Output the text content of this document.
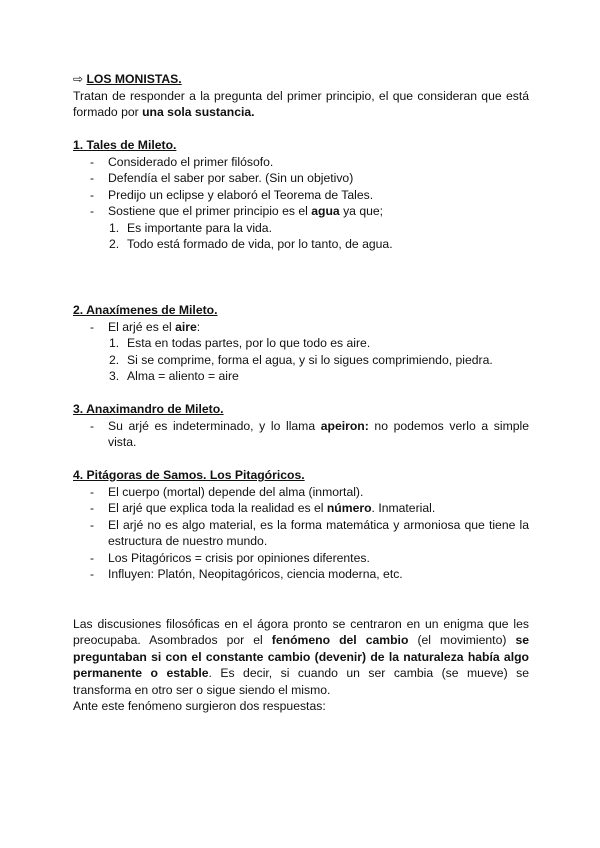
⇨ LOS MONISTAS.

Tratan de responder a la pregunta del primer principio, el que consideran que está formado por una sola sustancia.

1. Tales de Mileto.

- Considerado el primer filósofo.
- Defendía el saber por saber. (Sin un objetivo)
- Predijo un eclipse y elaboró el Teorema de Tales.
- Sostiene que el primer principio es el agua ya que;
1. Es importante para la vida.
2. Todo está formado de vida, por lo tanto, de agua.

2. Anaxímenes de Mileto.

- El arjé es el aire:
1. Esta en todas partes, por lo que todo es aire.
2. Si se comprime, forma el agua, y si lo sigues comprimiendo, piedra.
3. Alma = aliento = aire

3. Anaximandro de Mileto.

- Su arjé es indeterminado, y lo llama apeiron: no podemos verlo a simple vista.

4. Pitágoras de Samos. Los Pitagóricos.

- El cuerpo (mortal) depende del alma (inmortal).
- El arjé que explica toda la realidad es el número. Inmaterial.
- El arjé no es algo material, es la forma matemática y armoniosa que tiene la estructura de nuestro mundo.
- Los Pitagóricos = crisis por opiniones diferentes.
- Influyen: Platón, Neopitagóricos, ciencia moderna, etc.

Las discusiones filosóficas en el ágora pronto se centraron en un enigma que les preocupaba. Asombrados por el fenómeno del cambio (el movimiento) se preguntaban si con el constante cambio (devenir) de la naturaleza había algo permanente o estable. Es decir, si cuando un ser cambia (se mueve) se transforma en otro ser o sigue siendo el mismo.

Ante este fenómeno surgieron dos respuestas:
